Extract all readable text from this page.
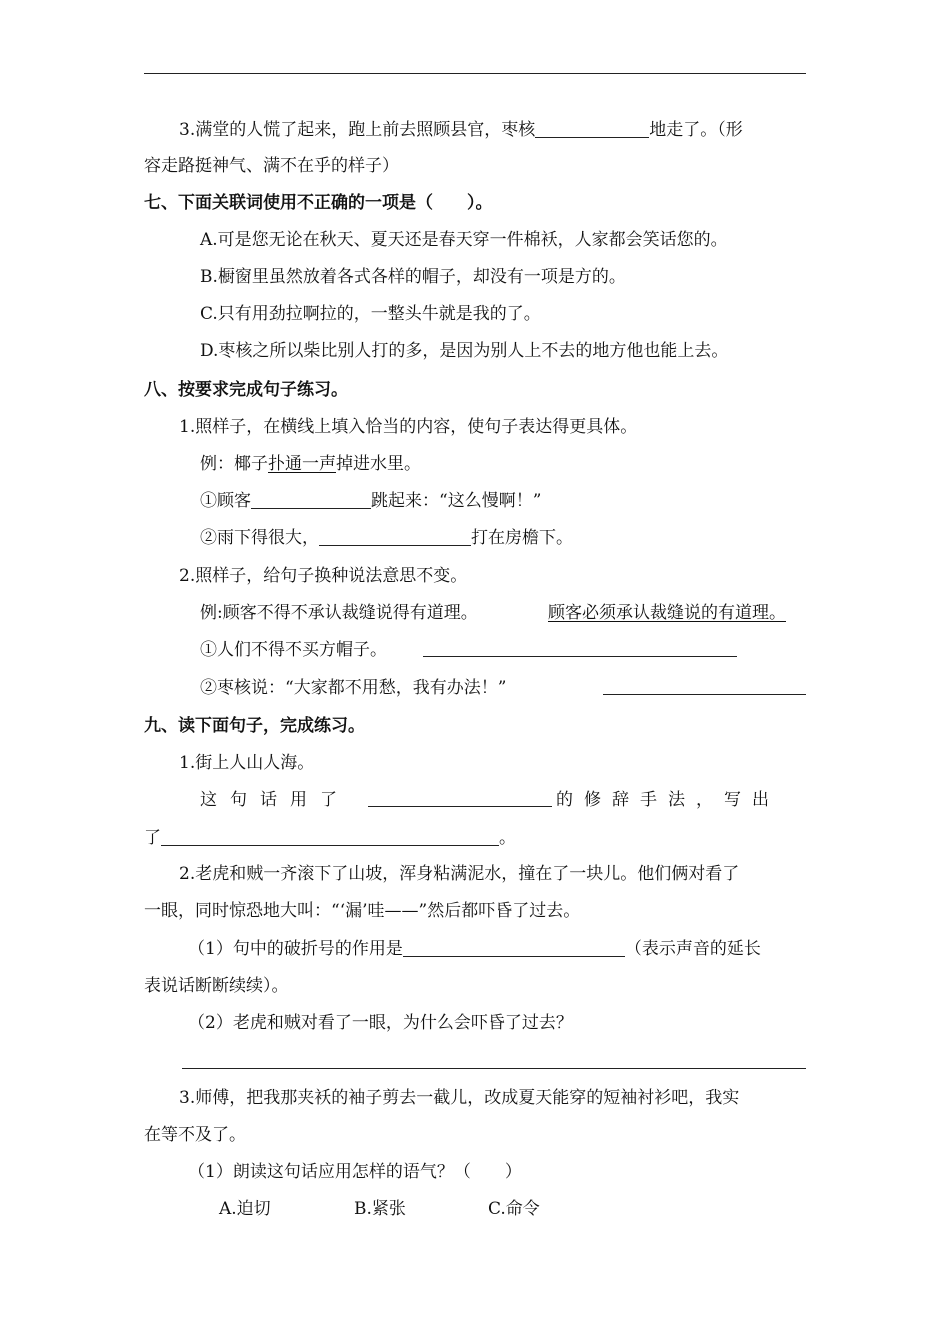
3.满堂的人慌了起来，跑上前去照顾县官，枣核	地走了。（形
容走路挺神气、满不在乎的样子）
七、下面关联词使用不正确的一项是（　　）。
A.可是您无论在秋天、夏天还是春天穿一件棉袄，人家都会笑话您的。
B.橱窗里虽然放着各式各样的帽子，却没有一项是方的。
C.只有用劲拉啊拉的，一整头牛就是我的了。
D.枣核之所以柴比别人打的多，是因为别人上不去的地方他也能上去。
八、按要求完成句子练习。
1.照样子，在横线上填入恰当的内容，使句子表达得更具体。
例：椰子扑通一声掉进水里。
①顾客	跳起来：“这么慢啊！”
②雨下得很大，	打在房檐下。
2.照样子，给句子换种说法意思不变。
例:顾客不得不承认裁缝说得有道理。	顾客必须承认裁缝说的有道理。
①人们不得不买方帽子。
②枣核说：“大家都不用愁，我有办法！”
九、读下面句子，完成练习。
1.街上人山人海。
这 句 话 用 了	的 修 辞 手 法 ， 写 出
了	。
2.老虎和贼一齐滚下了山坡，浑身粘满泥水，撞在了一块儿。他们俩对看了
一眼，同时惊恐地大叫：“‘漏’哇——”然后都吓昏了过去。
（1）句中的破折号的作用是	（表示声音的延长
表说话断断续续）。
（2）老虎和贼对看了一眼，为什么会吓昏了过去？
3.师傅，把我那夹袄的袖子剪去一截儿，改成夏天能穿的短袖衬衫吧，我实
在等不及了。
（1）朗读这句话应用怎样的语气？（　　）
A.迫切	B.紧张	C.命令
